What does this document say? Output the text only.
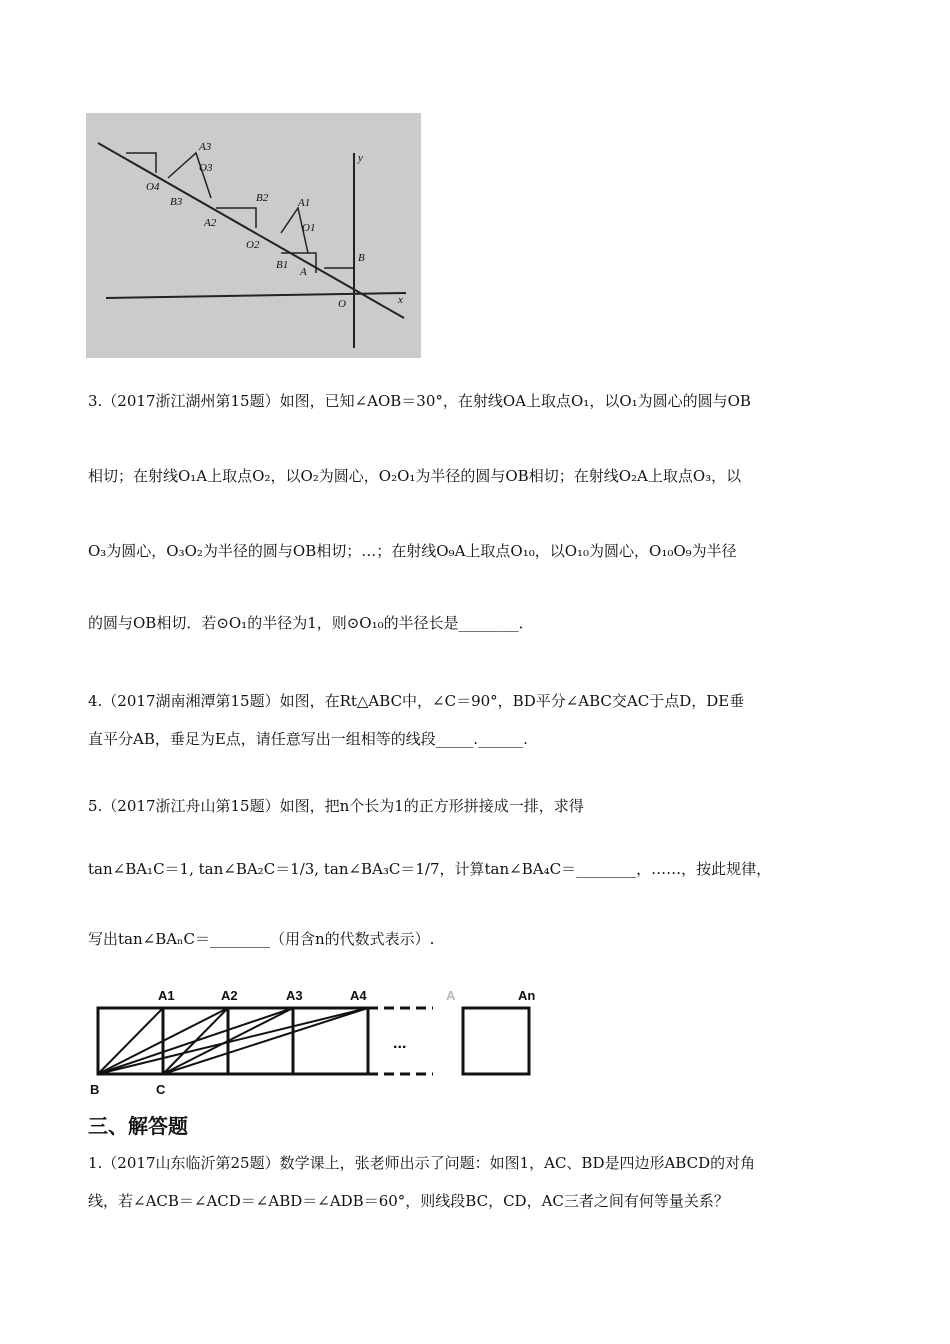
A3
O3
O4
B3
A2
B2	A1
O1
O2
B1
A
B
O	x
y
3.（2017浙江湖州第15题）如图，已知∠AOB＝30°，在射线OA上取点O₁，以O₁为圆心的圆与OB
相切；在射线O₁A上取点O₂，以O₂为圆心，O₂O₁为半径的圆与OB相切；在射线O₂A上取点O₃，以
O₃为圆心，O₃O₂为半径的圆与OB相切；…；在射线O₉A上取点O₁₀，以O₁₀为圆心，O₁₀O₉为半径
的圆与OB相切．若⊙O₁的半径为1，则⊙O₁₀的半径长是________．
4.（2017湖南湘潭第15题）如图，在Rt△ABC中，∠C＝90°，BD平分∠ABC交AC于点D，DE垂
直平分AB，垂足为E点，请任意写出一组相等的线段_____.______.
5.（2017浙江舟山第15题）如图，把n个长为1的正方形拼接成一排，求得
tan∠BA₁C＝1, tan∠BA₂C＝1/3, tan∠BA₃C＝1/7，计算tan∠BA₄C＝________，……，按此规律，
写出tan∠BAₙC＝________（用含n的代数式表示）.
A1	A2	A3	A4	A	An
B	C
...
三、解答题
1.（2017山东临沂第25题）数学课上，张老师出示了问题：如图1，AC、BD是四边形ABCD的对角
线，若∠ACB＝∠ACD＝∠ABD＝∠ADB＝60°，则线段BC，CD，AC三者之间有何等量关系？
